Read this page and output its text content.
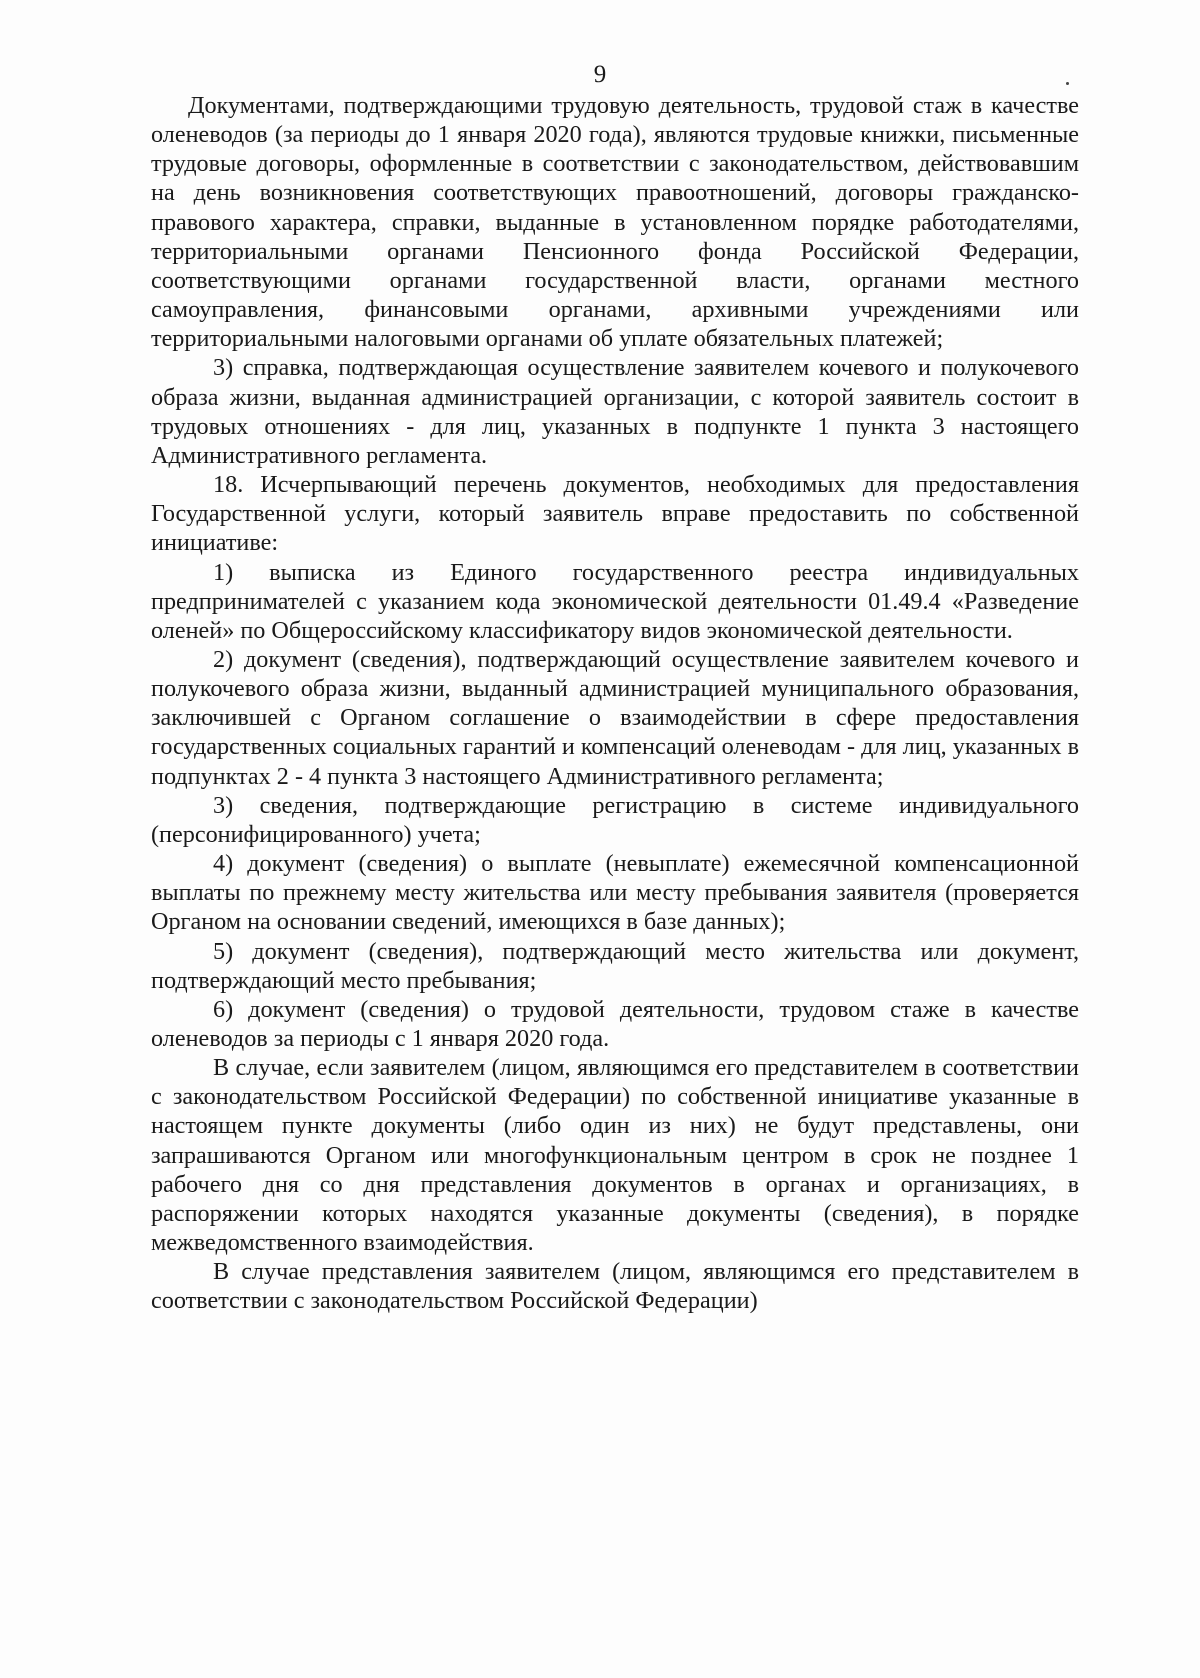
9

Документами, подтверждающими трудовую деятельность, трудовой стаж в качестве оленеводов (за периоды до 1 января 2020 года), являются трудовые книжки, письменные трудовые договоры, оформленные в соответствии с законодательством, действовавшим на день возникновения соответствующих правоотношений, договоры гражданско-правового характера, справки, выданные в установленном порядке работодателями, территориальными органами Пенсионного фонда Российской Федерации, соответствующими органами государственной власти, органами местного самоуправления, финансовыми органами, архивными учреждениями или территориальными налоговыми органами об уплате обязательных платежей;

3) справка, подтверждающая осуществление заявителем кочевого и полукочевого образа жизни, выданная администрацией организации, с которой заявитель состоит в трудовых отношениях - для лиц, указанных в подпункте 1 пункта 3 настоящего Административного регламента.

18. Исчерпывающий перечень документов, необходимых для предоставления Государственной услуги, который заявитель вправе предоставить по собственной инициативе:

1) выписка из Единого государственного реестра индивидуальных предпринимателей с указанием кода экономической деятельности 01.49.4 «Разведение оленей» по Общероссийскому классификатору видов экономической деятельности.

2) документ (сведения), подтверждающий осуществление заявителем кочевого и полукочевого образа жизни, выданный администрацией муниципального образования, заключившей с Органом соглашение о взаимодействии в сфере предоставления государственных социальных гарантий и компенсаций оленеводам - для лиц, указанных в подпунктах 2 - 4 пункта 3 настоящего Административного регламента;

3) сведения, подтверждающие регистрацию в системе индивидуального (персонифицированного) учета;

4) документ (сведения) о выплате (невыплате) ежемесячной компенсационной выплаты по прежнему месту жительства или месту пребывания заявителя (проверяется Органом на основании сведений, имеющихся в базе данных);

5) документ (сведения), подтверждающий место жительства или документ, подтверждающий место пребывания;

6) документ (сведения) о трудовой деятельности, трудовом стаже в качестве оленеводов за периоды с 1 января 2020 года.

В случае, если заявителем (лицом, являющимся его представителем в соответствии с законодательством Российской Федерации) по собственной инициативе указанные в настоящем пункте документы (либо один из них) не будут представлены, они запрашиваются Органом или многофункциональным центром в срок не позднее 1 рабочего дня со дня представления документов в органах и организациях, в распоряжении которых находятся указанные документы (сведения), в порядке межведомственного взаимодействия.

В случае представления заявителем (лицом, являющимся его представителем в соответствии с законодательством Российской Федерации)
